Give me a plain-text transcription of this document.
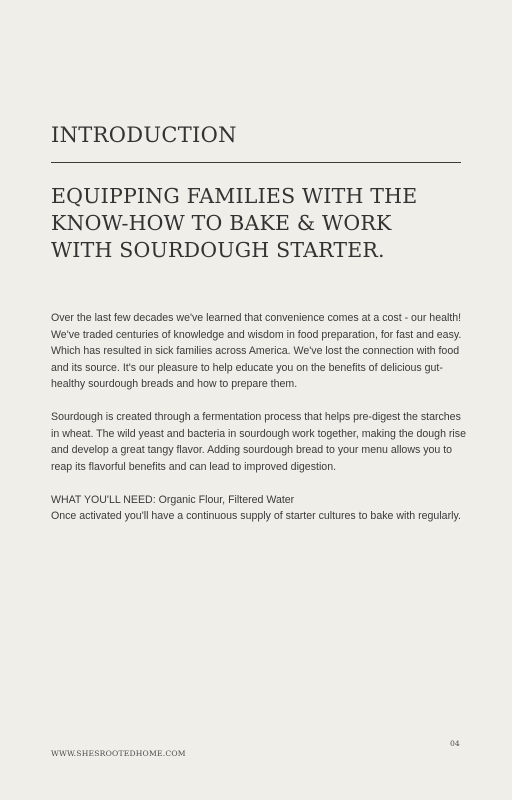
INTRODUCTION
EQUIPPING FAMILIES WITH THE
KNOW-HOW TO BAKE & WORK
WITH SOURDOUGH STARTER.

Over the last few decades we've learned that convenience comes at a cost - our health! We've traded centuries of knowledge and wisdom in food preparation, for fast and easy. Which has resulted in sick families across America. We've lost the connection with food and its source. It's our pleasure to help educate you on the benefits of delicious gut-healthy sourdough breads and how to prepare them.

Sourdough is created through a fermentation process that helps pre-digest the starches in wheat. The wild yeast and bacteria in sourdough work together, making the dough rise and develop a great tangy flavor. Adding sourdough bread to your menu allows you to reap its flavorful benefits and can lead to improved digestion.

WHAT YOU'LL NEED: Organic Flour, Filtered Water

Once activated you'll have a continuous supply of starter cultures to bake with regularly.

04
WWW.SHESROOTEDHOME.COM
